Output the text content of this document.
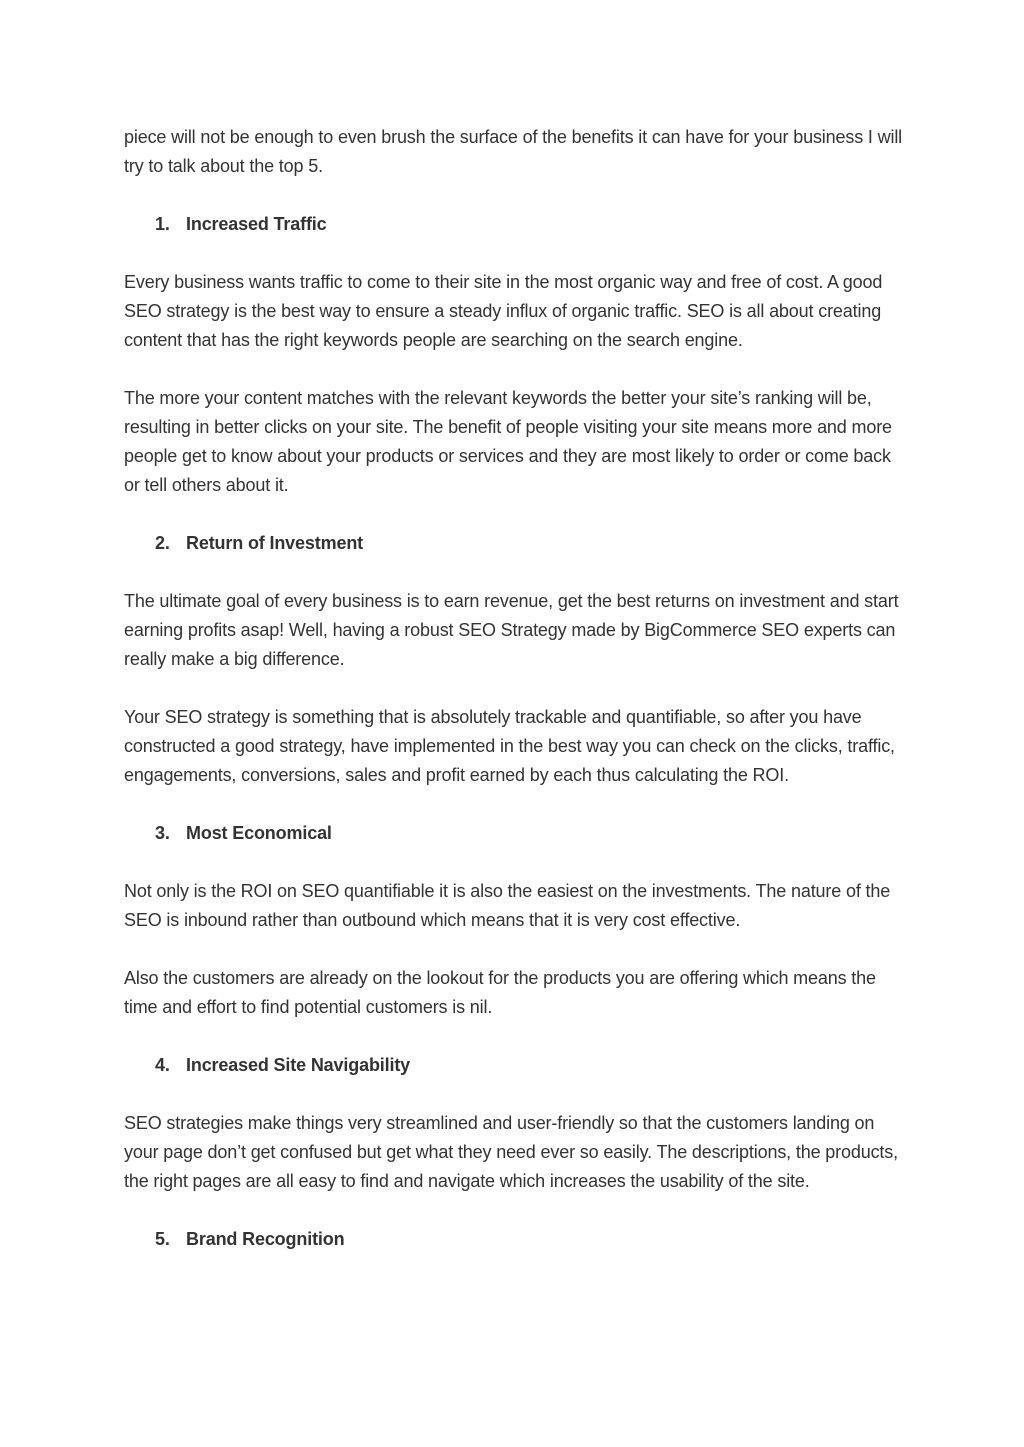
piece will not be enough to even brush the surface of the benefits it can have for your business I will try to talk about the top 5.

1. Increased Traffic

Every business wants traffic to come to their site in the most organic way and free of cost. A good SEO strategy is the best way to ensure a steady influx of organic traffic. SEO is all about creating content that has the right keywords people are searching on the search engine.

The more your content matches with the relevant keywords the better your site’s ranking will be, resulting in better clicks on your site. The benefit of people visiting your site means more and more people get to know about your products or services and they are most likely to order or come back or tell others about it.

2. Return of Investment

The ultimate goal of every business is to earn revenue, get the best returns on investment and start earning profits asap! Well, having a robust SEO Strategy made by BigCommerce SEO experts can really make a big difference.

Your SEO strategy is something that is absolutely trackable and quantifiable, so after you have constructed a good strategy, have implemented in the best way you can check on the clicks, traffic, engagements, conversions, sales and profit earned by each thus calculating the ROI.

3. Most Economical

Not only is the ROI on SEO quantifiable it is also the easiest on the investments. The nature of the SEO is inbound rather than outbound which means that it is very cost effective.

Also the customers are already on the lookout for the products you are offering which means the time and effort to find potential customers is nil.

4. Increased Site Navigability

SEO strategies make things very streamlined and user-friendly so that the customers landing on your page don’t get confused but get what they need ever so easily. The descriptions, the products, the right pages are all easy to find and navigate which increases the usability of the site.

5. Brand Recognition
